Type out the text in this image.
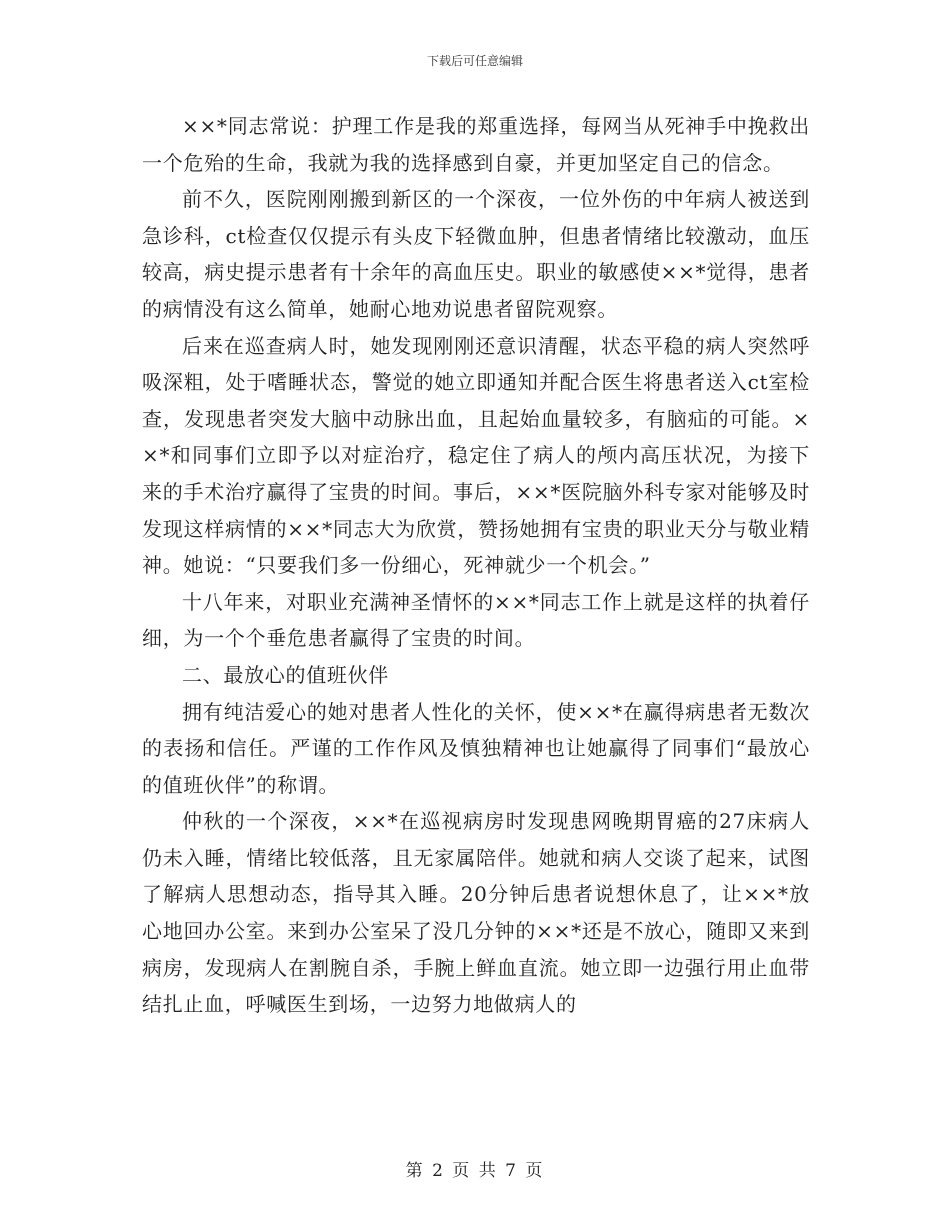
下载后可任意编辑

××*同志常说：护理工作是我的郑重选择，每网当从死神手中挽救出一个危殆的生命，我就为我的选择感到自豪，并更加坚定自己的信念。

前不久，医院刚刚搬到新区的一个深夜，一位外伤的中年病人被送到急诊科，ct检查仅仅提示有头皮下轻微血肿，但患者情绪比较激动，血压较高，病史提示患者有十余年的高血压史。职业的敏感使××*觉得，患者的病情没有这么简单，她耐心地劝说患者留院观察。

后来在巡查病人时，她发现刚刚还意识清醒，状态平稳的病人突然呼吸深粗，处于嗜睡状态，警觉的她立即通知并配合医生将患者送入ct室检查，发现患者突发大脑中动脉出血，且起始血量较多，有脑疝的可能。××*和同事们立即予以对症治疗，稳定住了病人的颅内高压状况，为接下来的手术治疗赢得了宝贵的时间。事后，××*医院脑外科专家对能够及时发现这样病情的××*同志大为欣赏，赞扬她拥有宝贵的职业天分与敬业精神。她说：“只要我们多一份细心，死神就少一个机会。”

十八年来，对职业充满神圣情怀的××*同志工作上就是这样的执着仔细，为一个个垂危患者赢得了宝贵的时间。

二、最放心的值班伙伴

拥有纯洁爱心的她对患者人性化的关怀，使××*在赢得病患者无数次的表扬和信任。严谨的工作作风及慎独精神也让她赢得了同事们“最放心的值班伙伴”的称谓。

仲秋的一个深夜，××*在巡视病房时发现患网晚期胃癌的27床病人仍未入睡，情绪比较低落，且无家属陪伴。她就和病人交谈了起来，试图了解病人思想动态，指导其入睡。20分钟后患者说想休息了，让××*放心地回办公室。来到办公室呆了没几分钟的××*还是不放心，随即又来到病房，发现病人在割腕自杀，手腕上鲜血直流。她立即一边强行用止血带结扎止血，呼喊医生到场，一边努力地做病人的

第 2 页 共 7 页
